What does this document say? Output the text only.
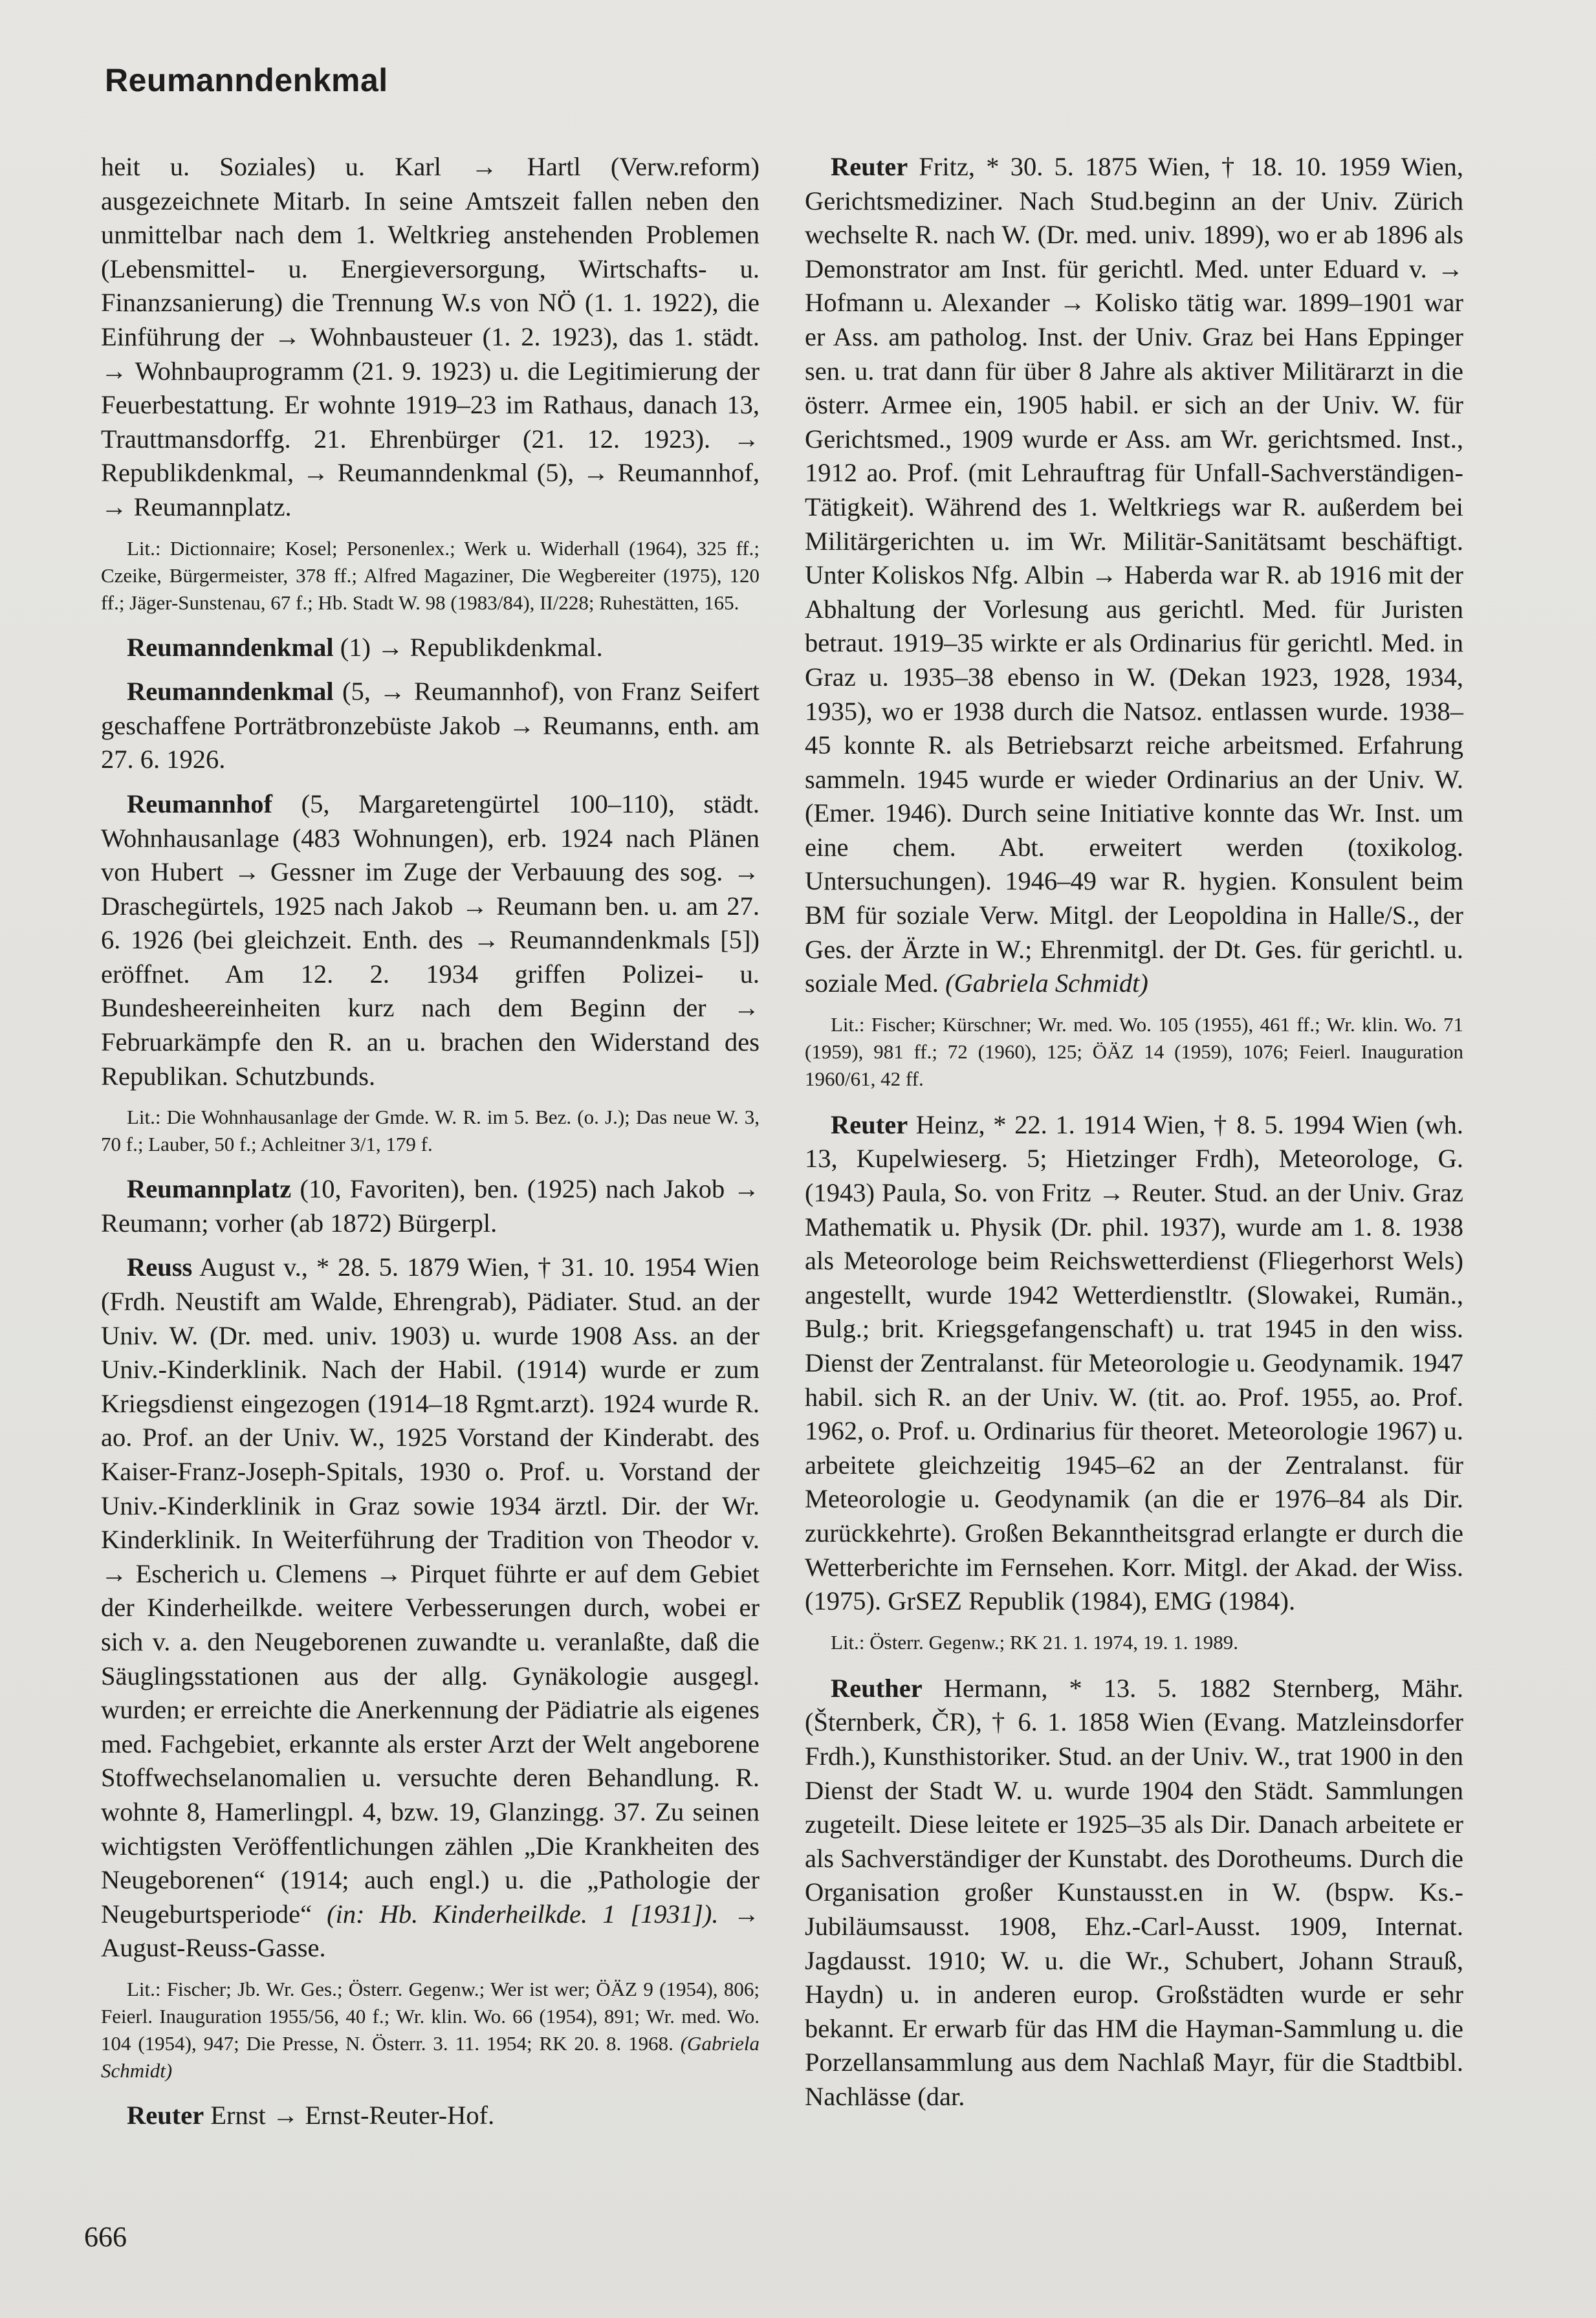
Reumanndenkmal

heit u. Soziales) u. Karl → Hartl (Verw.reform) ausgezeichnete Mitarb. In seine Amtszeit fallen neben den unmittelbar nach dem 1. Weltkrieg anstehenden Problemen (Lebensmittel- u. Energieversorgung, Wirtschafts- u. Finanzsanierung) die Trennung W.s von NÖ (1. 1. 1922), die Einführung der → Wohnbausteuer (1. 2. 1923), das 1. städt. → Wohnbauprogramm (21. 9. 1923) u. die Legitimierung der Feuerbestattung. Er wohnte 1919–23 im Rathaus, danach 13, Trauttmansdorffg. 21. Ehrenbürger (21. 12. 1923). → Republikdenkmal, → Reumanndenkmal (5), → Reumannhof, → Reumannplatz.

Lit.: Dictionnaire; Kosel; Personenlex.; Werk u. Widerhall (1964), 325 ff.; Czeike, Bürgermeister, 378 ff.; Alfred Magaziner, Die Wegbereiter (1975), 120 ff.; Jäger-Sunstenau, 67 f.; Hb. Stadt W. 98 (1983/84), II/228; Ruhestätten, 165.

Reumanndenkmal (1) → Republikdenkmal.

Reumanndenkmal (5, → Reumannhof), von Franz Seifert geschaffene Porträtbronzebüste Jakob → Reumanns, enth. am 27. 6. 1926.

Reumannhof (5, Margaretengürtel 100–110), städt. Wohnhausanlage (483 Wohnungen), erb. 1924 nach Plänen von Hubert → Gessner im Zuge der Verbauung des sog. → Draschegürtels, 1925 nach Jakob → Reumann ben. u. am 27. 6. 1926 (bei gleichzeit. Enth. des → Reumanndenkmals [5]) eröffnet. Am 12. 2. 1934 griffen Polizei- u. Bundesheereinheiten kurz nach dem Beginn der → Februarkämpfe den R. an u. brachen den Widerstand des Republikan. Schutzbunds.

Lit.: Die Wohnhausanlage der Gmde. W. R. im 5. Bez. (o. J.); Das neue W. 3, 70 f.; Lauber, 50 f.; Achleitner 3/1, 179 f.

Reumannplatz (10, Favoriten), ben. (1925) nach Jakob → Reumann; vorher (ab 1872) Bürgerpl.

Reuss August v., * 28. 5. 1879 Wien, † 31. 10. 1954 Wien (Frdh. Neustift am Walde, Ehrengrab), Pädiater. Stud. an der Univ. W. (Dr. med. univ. 1903) u. wurde 1908 Ass. an der Univ.-Kinderklinik. Nach der Habil. (1914) wurde er zum Kriegsdienst eingezogen (1914–18 Rgmt.arzt). 1924 wurde R. ao. Prof. an der Univ. W., 1925 Vorstand der Kinderabt. des Kaiser-Franz-Joseph-Spitals, 1930 o. Prof. u. Vorstand der Univ.-Kinderklinik in Graz sowie 1934 ärztl. Dir. der Wr. Kinderklinik. In Weiterführung der Tradition von Theodor v. → Escherich u. Clemens → Pirquet führte er auf dem Gebiet der Kinderheilkde. weitere Verbesserungen durch, wobei er sich v. a. den Neugeborenen zuwandte u. veranlaßte, daß die Säuglingsstationen aus der allg. Gynäkologie ausgegl. wurden; er erreichte die Anerkennung der Pädiatrie als eigenes med. Fachgebiet, erkannte als erster Arzt der Welt angeborene Stoffwechselanomalien u. versuchte deren Behandlung. R. wohnte 8, Hamerlingpl. 4, bzw. 19, Glanzingg. 37. Zu seinen wichtigsten Veröffentlichungen zählen „Die Krankheiten des Neugeborenen“ (1914; auch engl.) u. die „Pathologie der Neugeburtsperiode“ (in: Hb. Kinderheilkde. 1 [1931]). → August-Reuss-Gasse.

Lit.: Fischer; Jb. Wr. Ges.; Österr. Gegenw.; Wer ist wer; ÖÄZ 9 (1954), 806; Feierl. Inauguration 1955/56, 40 f.; Wr. klin. Wo. 66 (1954), 891; Wr. med. Wo. 104 (1954), 947; Die Presse, N. Österr. 3. 11. 1954; RK 20. 8. 1968. (Gabriela Schmidt)

Reuter Ernst → Ernst-Reuter-Hof.

Reuter Fritz, * 30. 5. 1875 Wien, † 18. 10. 1959 Wien, Gerichtsmediziner. Nach Stud.beginn an der Univ. Zürich wechselte R. nach W. (Dr. med. univ. 1899), wo er ab 1896 als Demonstrator am Inst. für gerichtl. Med. unter Eduard v. → Hofmann u. Alexander → Kolisko tätig war. 1899–1901 war er Ass. am patholog. Inst. der Univ. Graz bei Hans Eppinger sen. u. trat dann für über 8 Jahre als aktiver Militärarzt in die österr. Armee ein, 1905 habil. er sich an der Univ. W. für Gerichtsmed., 1909 wurde er Ass. am Wr. gerichtsmed. Inst., 1912 ao. Prof. (mit Lehrauftrag für Unfall-Sachverständigen-Tätigkeit). Während des 1. Weltkriegs war R. außerdem bei Militärgerichten u. im Wr. Militär-Sanitätsamt beschäftigt. Unter Koliskos Nfg. Albin → Haberda war R. ab 1916 mit der Abhaltung der Vorlesung aus gerichtl. Med. für Juristen betraut. 1919–35 wirkte er als Ordinarius für gerichtl. Med. in Graz u. 1935–38 ebenso in W. (Dekan 1923, 1928, 1934, 1935), wo er 1938 durch die Natsoz. entlassen wurde. 1938–45 konnte R. als Betriebsarzt reiche arbeitsmed. Erfahrung sammeln. 1945 wurde er wieder Ordinarius an der Univ. W. (Emer. 1946). Durch seine Initiative konnte das Wr. Inst. um eine chem. Abt. erweitert werden (toxikolog. Untersuchungen). 1946–49 war R. hygien. Konsulent beim BM für soziale Verw. Mitgl. der Leopoldina in Halle/S., der Ges. der Ärzte in W.; Ehrenmitgl. der Dt. Ges. für gerichtl. u. soziale Med. (Gabriela Schmidt)

Lit.: Fischer; Kürschner; Wr. med. Wo. 105 (1955), 461 ff.; Wr. klin. Wo. 71 (1959), 981 ff.; 72 (1960), 125; ÖÄZ 14 (1959), 1076; Feierl. Inauguration 1960/61, 42 ff.

Reuter Heinz, * 22. 1. 1914 Wien, † 8. 5. 1994 Wien (wh. 13, Kupelwieserg. 5; Hietzinger Frdh), Meteorologe, G. (1943) Paula, So. von Fritz → Reuter. Stud. an der Univ. Graz Mathematik u. Physik (Dr. phil. 1937), wurde am 1. 8. 1938 als Meteorologe beim Reichswetterdienst (Fliegerhorst Wels) angestellt, wurde 1942 Wetterdienstltr. (Slowakei, Rumän., Bulg.; brit. Kriegsgefangenschaft) u. trat 1945 in den wiss. Dienst der Zentralanst. für Meteorologie u. Geodynamik. 1947 habil. sich R. an der Univ. W. (tit. ao. Prof. 1955, ao. Prof. 1962, o. Prof. u. Ordinarius für theoret. Meteorologie 1967) u. arbeitete gleichzeitig 1945–62 an der Zentralanst. für Meteorologie u. Geodynamik (an die er 1976–84 als Dir. zurückkehrte). Großen Bekanntheitsgrad erlangte er durch die Wetterberichte im Fernsehen. Korr. Mitgl. der Akad. der Wiss. (1975). GrSEZ Republik (1984), EMG (1984).

Lit.: Österr. Gegenw.; RK 21. 1. 1974, 19. 1. 1989.

Reuther Hermann, * 13. 5. 1882 Sternberg, Mähr. (Šternberk, ČR), † 6. 1. 1858 Wien (Evang. Matzleinsdorfer Frdh.), Kunsthistoriker. Stud. an der Univ. W., trat 1900 in den Dienst der Stadt W. u. wurde 1904 den Städt. Sammlungen zugeteilt. Diese leitete er 1925–35 als Dir. Danach arbeitete er als Sachverständiger der Kunstabt. des Dorotheums. Durch die Organisation großer Kunstausst.en in W. (bspw. Ks.-Jubiläumsausst. 1908, Ehz.-Carl-Ausst. 1909, Internat. Jagdausst. 1910; W. u. die Wr., Schubert, Johann Strauß, Haydn) u. in anderen europ. Großstädten wurde er sehr bekannt. Er erwarb für das HM die Hayman-Sammlung u. die Porzellansammlung aus dem Nachlaß Mayr, für die Stadtbibl. Nachlässe (dar.

666
